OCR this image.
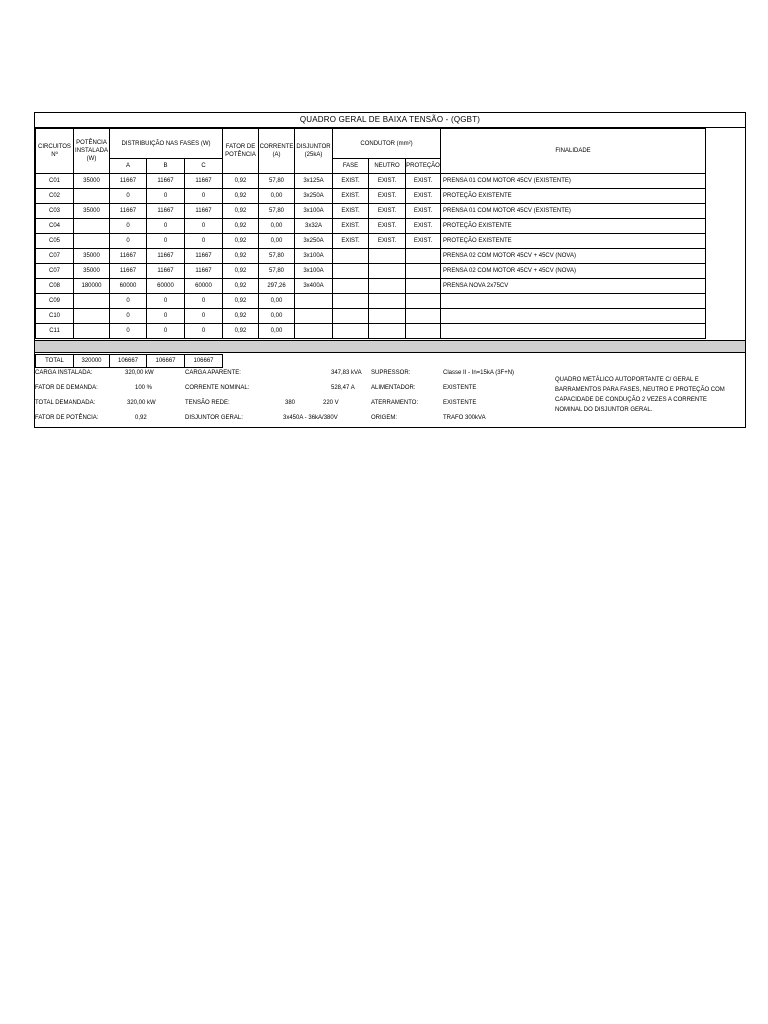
QUADRO GERAL DE BAIXA TENSÃO - (QGBT)
CIRCUITOS Nº	POTÊNCIA INSTALADA (W)	DISTRIBUIÇÃO NAS FASES (W)			FATOR DE POTÊNCIA	CORRENTE (A)	DISJUNTOR (25kA)	CONDUTOR (mm²)			FINALIDADE
		A	B	C				FASE	NEUTRO	PROTEÇÃO	
C01	35000	11667	11667	11667	0,92	57,80	3x125A	EXIST.	EXIST.	EXIST.	PRENSA 01 COM MOTOR 45CV (EXISTENTE)
C02		0	0	0	0,92	0,00	3x250A	EXIST.	EXIST.	EXIST.	PROTEÇÃO EXISTENTE
C03	35000	11667	11667	11667	0,92	57,80	3x100A	EXIST.	EXIST.	EXIST.	PRENSA 01 COM MOTOR 45CV (EXISTENTE)
C04		0	0	0	0,92	0,00	3x32A	EXIST.	EXIST.	EXIST.	PROTEÇÃO EXISTENTE
C05		0	0	0	0,92	0,00	3x250A	EXIST.	EXIST.	EXIST.	PROTEÇÃO EXISTENTE
C07	35000	11667	11667	11667	0,92	57,80	3x100A				PRENSA 02 COM MOTOR 45CV + 45CV (NOVA)
C07	35000	11667	11667	11667	0,92	57,80	3x100A				PRENSA 02 COM MOTOR 45CV + 45CV (NOVA)
C08	180000	60000	60000	60000	0,92	297,26	3x400A				PRENSA NOVA 2x75CV
C09		0	0	0	0,92	0,00					
C10		0	0	0	0,92	0,00					
C11		0	0	0	0,92	0,00					
TOTAL	320000	106667	106667	106667
CARGA INSTALADA:	320,00 kW
FATOR DE DEMANDA:	100 %
TOTAL DEMANDADA:	320,00 kW
FATOR DE POTÊNCIA:	0,92
CARGA APARENTE:	347,83 kVA
CORRENTE NOMINAL:	528,47 A
TENSÃO REDE:	380	220 V
DISJUNTOR GERAL:	3x450A - 36kA/380V
SUPRESSOR:	Classe II - In=15kA (3F+N)
ALIMENTADOR:	EXISTENTE
ATERRAMENTO:	EXISTENTE
ORIGEM:	TRAFO 300kVA
QUADRO METÁLICO AUTOPORTANTE C/ GERAL E BARRAMENTOS PARA FASES, NEUTRO E PROTEÇÃO COM CAPACIDADE DE CONDUÇÃO 2 VEZES A CORRENTE NOMINAL DO DISJUNTOR GERAL.
